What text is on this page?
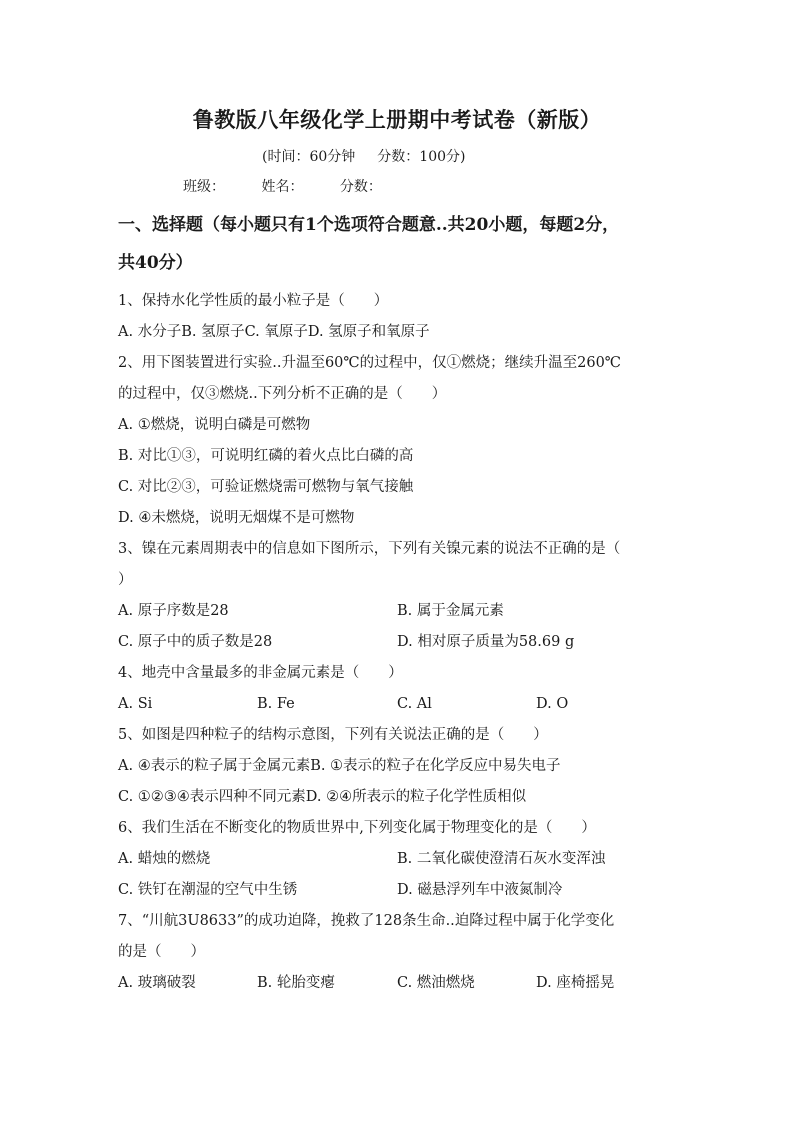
鲁教版八年级化学上册期中考试卷（新版）
(时间：60分钟 分数：100分)
班级：	姓名：	分数：
一、选择题（每小题只有1个选项符合题意..共20小题，每题2分，
共40分）
1、保持水化学性质的最小粒子是（　　）
A. 水分子B. 氢原子C. 氧原子D. 氢原子和氧原子
2、用下图装置进行实验..升温至60℃的过程中，仅①燃烧；继续升温至260℃
的过程中，仅③燃烧..下列分析不正确的是（　　）
A. ①燃烧，说明白磷是可燃物
B. 对比①③，可说明红磷的着火点比白磷的高
C. 对比②③，可验证燃烧需可燃物与氧气接触
D. ④未燃烧，说明无烟煤不是可燃物
3、镍在元素周期表中的信息如下图所示，下列有关镍元素的说法不正确的是（
）
A. 原子序数是28	B. 属于金属元素
C. 原子中的质子数是28	D. 相对原子质量为58.69 g
4、地壳中含量最多的非金属元素是（　　）
A. Si	B. Fe	C. Al	D. O
5、如图是四种粒子的结构示意图，下列有关说法正确的是（　　）
A. ④表示的粒子属于金属元素B. ①表示的粒子在化学反应中易失电子
C. ①②③④表示四种不同元素D. ②④所表示的粒子化学性质相似
6、我们生活在不断变化的物质世界中,下列变化属于物理变化的是（　　）
A. 蜡烛的燃烧	B. 二氧化碳使澄清石灰水变浑浊
C. 铁钉在潮湿的空气中生锈	D. 磁悬浮列车中液氮制冷
7、“川航3U8633”的成功迫降，挽救了128条生命..迫降过程中属于化学变化
的是（　　）
A. 玻璃破裂	B. 轮胎变瘪	C. 燃油燃烧	D. 座椅摇晃
